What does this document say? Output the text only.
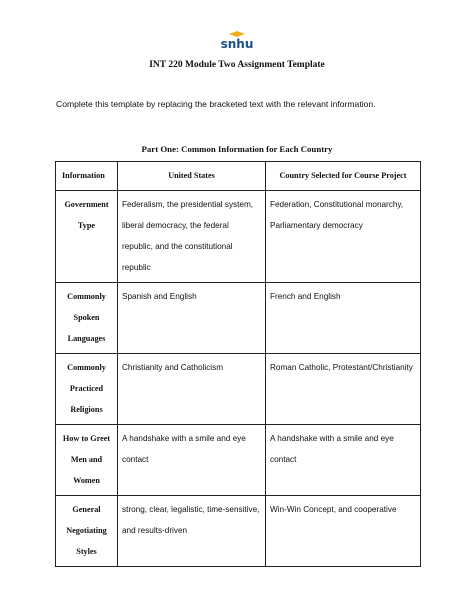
snhu
INT 220 Module Two Assignment Template
Complete this template by replacing the bracketed text with the relevant information.
Part One: Common Information for Each Country
Information	United States	Country Selected for Course Project
Government Type	Federalism, the presidential system, liberal democracy, the federal republic, and the constitutional republic	Federation, Constitutional monarchy, Parliamentary democracy
Commonly Spoken Languages	Spanish and English	French and English
Commonly Practiced Religions	Christianity and Catholicism	Roman Catholic, Protestant/Christianity
How to Greet Men and Women	A handshake with a smile and eye contact	A handshake with a smile and eye contact
General Negotiating Styles	strong, clear, legalistic, time-sensitive, and results-driven	Win-Win Concept, and cooperative
